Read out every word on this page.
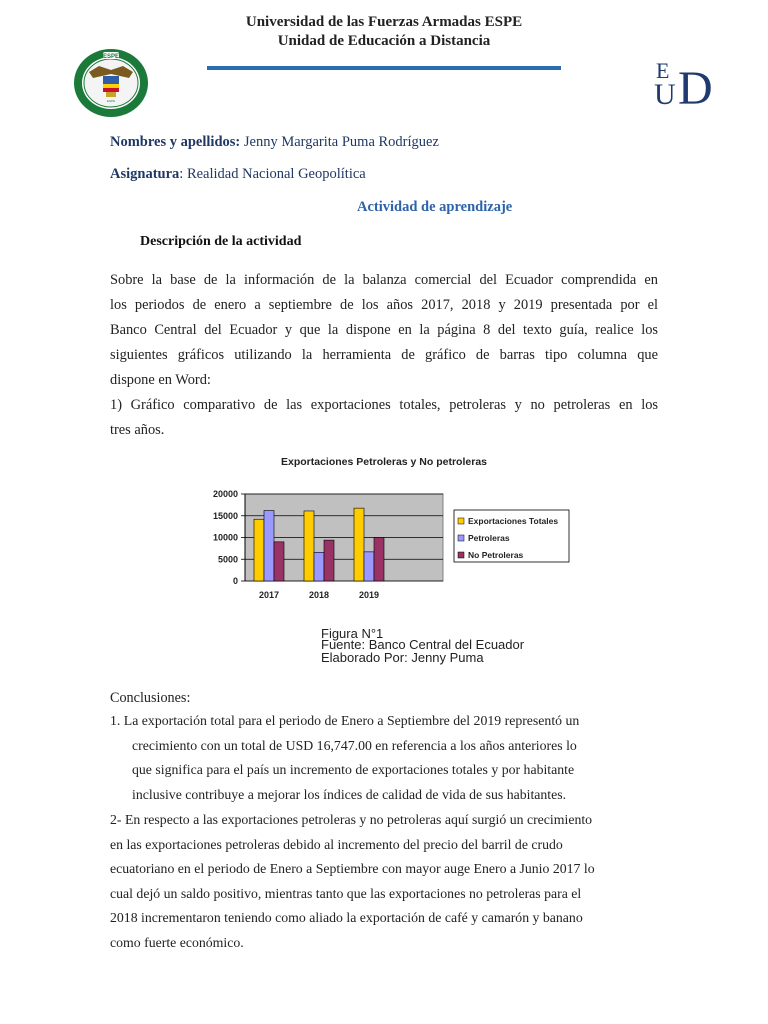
Universidad de las Fuerzas Armadas ESPE
Unidad de Educación a Distancia
ESPE
ESPE
E
U D
Nombres y apellidos: Jenny Margarita Puma Rodríguez
Asignatura: Realidad Nacional Geopolítica
Actividad de aprendizaje
Descripción de la actividad
Sobre la base de la información de la balanza comercial del Ecuador comprendida en
los periodos de enero a septiembre de los años 2017, 2018 y 2019 presentada por el
Banco Central del Ecuador y que la dispone en la página 8 del texto guía, realice los
siguientes gráficos utilizando la herramienta de gráfico de barras tipo columna que
dispone en Word:
1) Gráfico comparativo de las exportaciones totales, petroleras y no petroleras en los
tres años.
Exportaciones Petroleras y No petroleras
20000
15000
10000
5000
0
2017	2018	2019
Exportaciones Totales
Petroleras
No Petroleras
Figura N°1
Fuente: Banco Central del Ecuador
Elaborado Por: Jenny Puma
Conclusiones:
1. La exportación total para el periodo de Enero a Septiembre del 2019 representó un
crecimiento con un total de USD 16,747.00 en referencia a los años anteriores lo
que significa para el país un incremento de exportaciones totales y por habitante
inclusive contribuye a mejorar los índices de calidad de vida de sus habitantes.
2- En respecto a las exportaciones petroleras y no petroleras aquí surgió un crecimiento
en las exportaciones petroleras debido al incremento del precio del barril de crudo
ecuatoriano en el periodo de Enero a Septiembre con mayor auge Enero a Junio 2017 lo
cual dejó un saldo positivo, mientras tanto que las exportaciones no petroleras para el
2018 incrementaron teniendo como aliado la exportación de café y camarón y banano
como fuerte económico.
